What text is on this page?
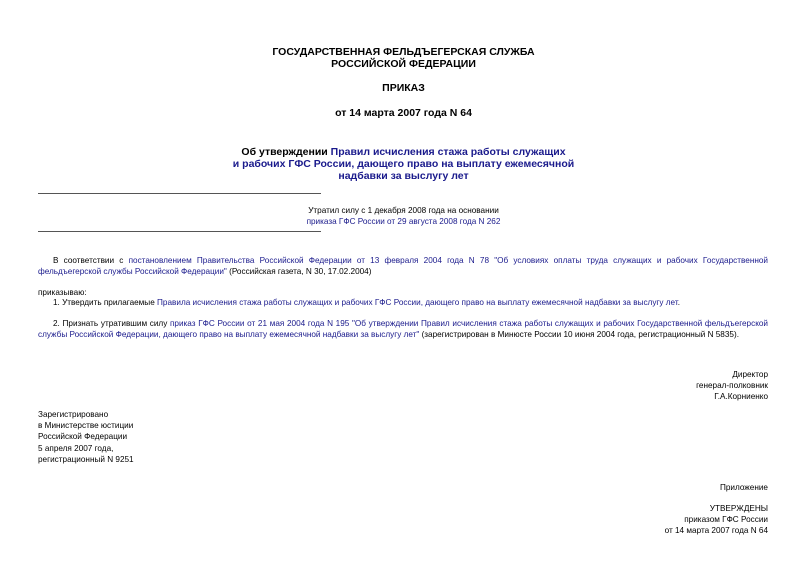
ГОСУДАРСТВЕННАЯ ФЕЛЬДЪЕГЕРСКАЯ СЛУЖБА
РОССИЙСКОЙ ФЕДЕРАЦИИ
ПРИКАЗ
от 14 марта 2007 года N 64
Об утверждении Правил исчисления стажа работы служащих
и рабочих ГФС России, дающего право на выплату ежемесячной
надбавки за выслугу лет
Утратил силу с 1 декабря 2008 года на основании
приказа ГФС России от 29 августа 2008 года N 262
В соответствии с постановлением Правительства Российской Федерации от 13 февраля 2004 года N 78 "Об условиях оплаты труда служащих и рабочих Государственной фельдъегерской службы Российской Федерации" (Российская газета, N 30, 17.02.2004)
приказываю:
1. Утвердить прилагаемые Правила исчисления стажа работы служащих и рабочих ГФС России, дающего право на выплату ежемесячной надбавки за выслугу лет.
2. Признать утратившим силу приказ ГФС России от 21 мая 2004 года N 195 "Об утверждении Правил исчисления стажа работы служащих и рабочих Государственной фельдъегерской службы Российской Федерации, дающего право на выплату ежемесячной надбавки за выслугу лет" (зарегистрирован в Минюсте России 10 июня 2004 года, регистрационный N 5835).
Директор
генерал-полковник
Г.А.Корниенко
Зарегистрировано
в Министерстве юстиции
Российской Федерации
5 апреля 2007 года,
регистрационный N 9251
Приложение
УТВЕРЖДЕНЫ
приказом ГФС России
от 14 марта 2007 года N 64
